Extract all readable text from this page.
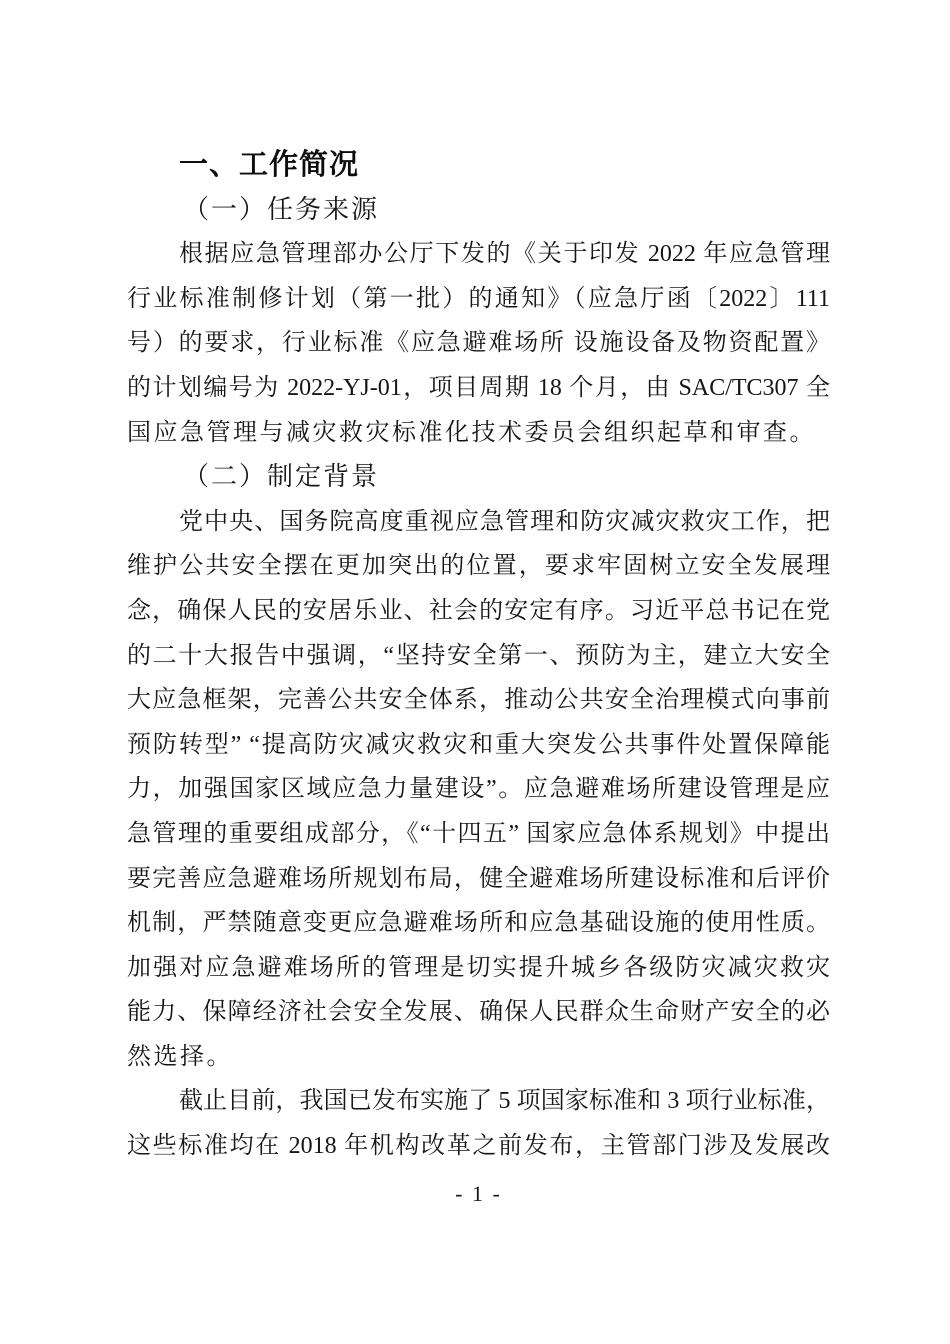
一、工作简况
（一）任务来源
根据应急管理部办公厅下发的《关于印发 2022 年应急管理
行业标准制修计划（第一批）的通知》（应急厅函〔2022〕111
号）的要求，行业标准《应急避难场所 设施设备及物资配置》
的计划编号为 2022-YJ-01，项目周期 18 个月，由 SAC/TC307 全
国应急管理与减灾救灾标准化技术委员会组织起草和审查。
（二）制定背景
党中央、国务院高度重视应急管理和防灾减灾救灾工作，把
维护公共安全摆在更加突出的位置，要求牢固树立安全发展理
念，确保人民的安居乐业、社会的安定有序。习近平总书记在党
的二十大报告中强调，“坚持安全第一、预防为主，建立大安全
大应急框架，完善公共安全体系，推动公共安全治理模式向事前
预防转型” “提高防灾减灾救灾和重大突发公共事件处置保障能
力，加强国家区域应急力量建设”。应急避难场所建设管理是应
急管理的重要组成部分，《“十四五” 国家应急体系规划》中提出
要完善应急避难场所规划布局，健全避难场所建设标准和后评价
机制，严禁随意变更应急避难场所和应急基础设施的使用性质。
加强对应急避难场所的管理是切实提升城乡各级防灾减灾救灾
能力、保障经济社会安全发展、确保人民群众生命财产安全的必
然选择。
截止目前，我国已发布实施了 5 项国家标准和 3 项行业标准，
这些标准均在 2018 年机构改革之前发布，主管部门涉及发展改
- 1 -
